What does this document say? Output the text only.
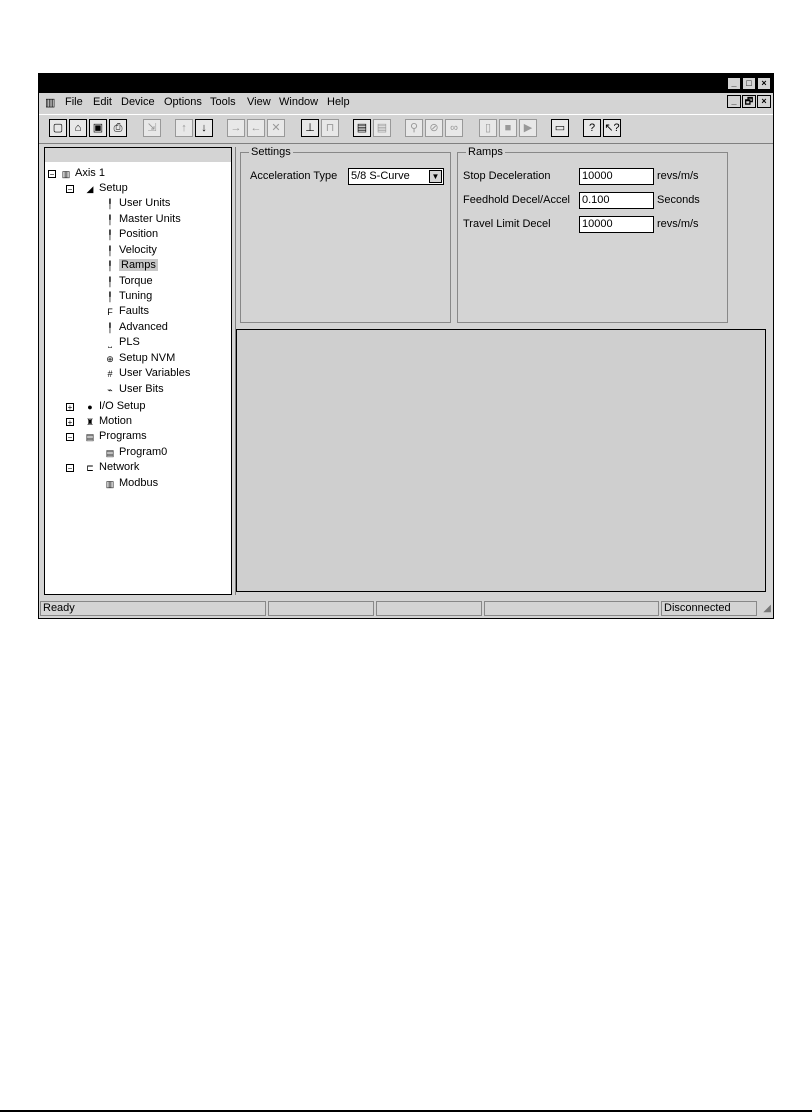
_	□	×
▥ File Edit Device Options Tools View Window Help	_ 🗗 ×
▢	⌂	▣ ⎙	⇲	↑	↓	→ ← ✕	⊥ ⊓	▤ ▤	⚲	⊘	∞	▯	■	▶	▭	? ↖?
− ▥ Axis 1
− ◢ Setup
╿ User Units
╿ Master Units
╿ Position
╿ Velocity
╿ Ramps
╿ Torque
╿ Tuning
F Faults
╿ Advanced
⎵ PLS
⊕ Setup NVM
# User Variables
⌁ User Bits
+ ● I/O Setup
+ ♜ Motion
− ▤ Programs
▤ Program0
− ⊏ Network
▥ Modbus
Settings
Acceleration Type 5/8 S-Curve	▼
Ramps
Stop Deceleration	10000	revs/m/s
Feedhold Decel/Accel 0.100	Seconds
Travel Limit Decel	10000	revs/m/s
Ready	Disconnected	◢
